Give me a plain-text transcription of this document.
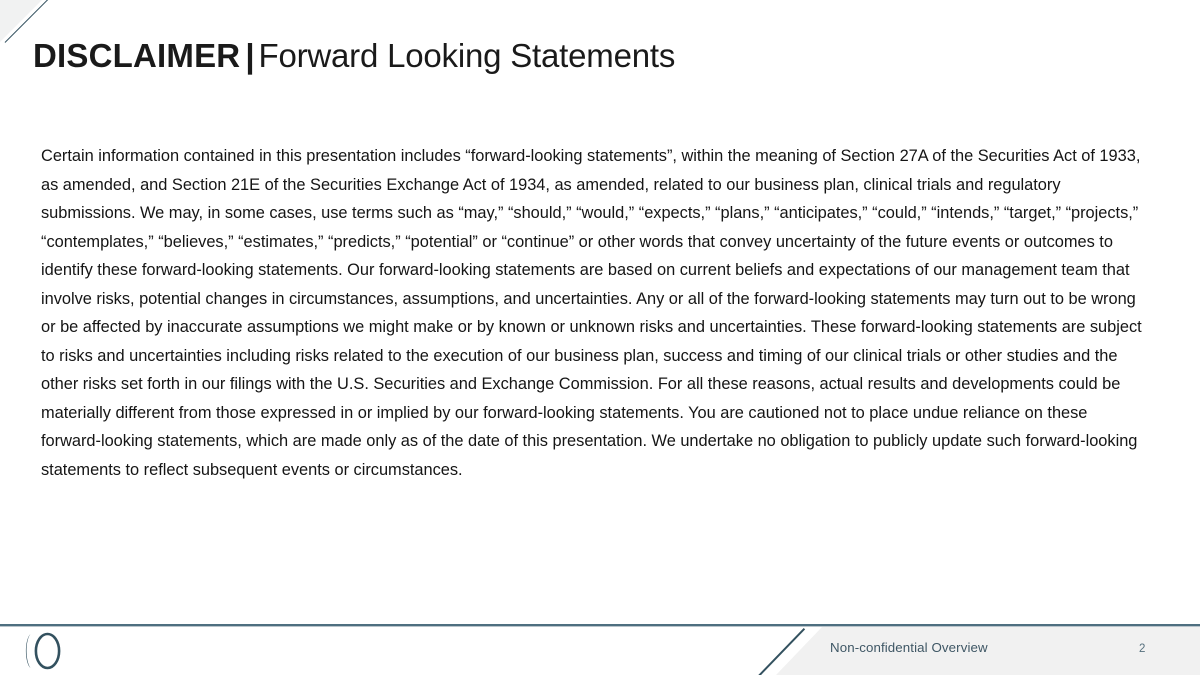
DISCLAIMER | Forward Looking Statements

Certain information contained in this presentation includes “forward-looking statements”, within the meaning of Section 27A of the Securities Act of 1933, as amended, and Section 21E of the Securities Exchange Act of 1934, as amended, related to our business plan, clinical trials and regulatory submissions. We may, in some cases, use terms such as “may,” “should,” “would,” “expects,” “plans,” “anticipates,” “could,” “intends,” “target,” “projects,” “contemplates,” “believes,” “estimates,” “predicts,” “potential” or “continue” or other words that convey uncertainty of the future events or outcomes to identify these forward-looking statements. Our forward-looking statements are based on current beliefs and expectations of our management team that involve risks, potential changes in circumstances, assumptions, and uncertainties. Any or all of the forward-looking statements may turn out to be wrong or be affected by inaccurate assumptions we might make or by known or unknown risks and uncertainties. These forward-looking statements are subject to risks and uncertainties including risks related to the execution of our business plan, success and timing of our clinical trials or other studies and the other risks set forth in our filings with the U.S. Securities and Exchange Commission. For all these reasons, actual results and developments could be materially different from those expressed in or implied by our forward-looking statements. You are cautioned not to place undue reliance on these forward-looking statements, which are made only as of the date of this presentation. We undertake no obligation to publicly update such forward-looking statements to reflect subsequent events or circumstances.

Non-confidential Overview	2
